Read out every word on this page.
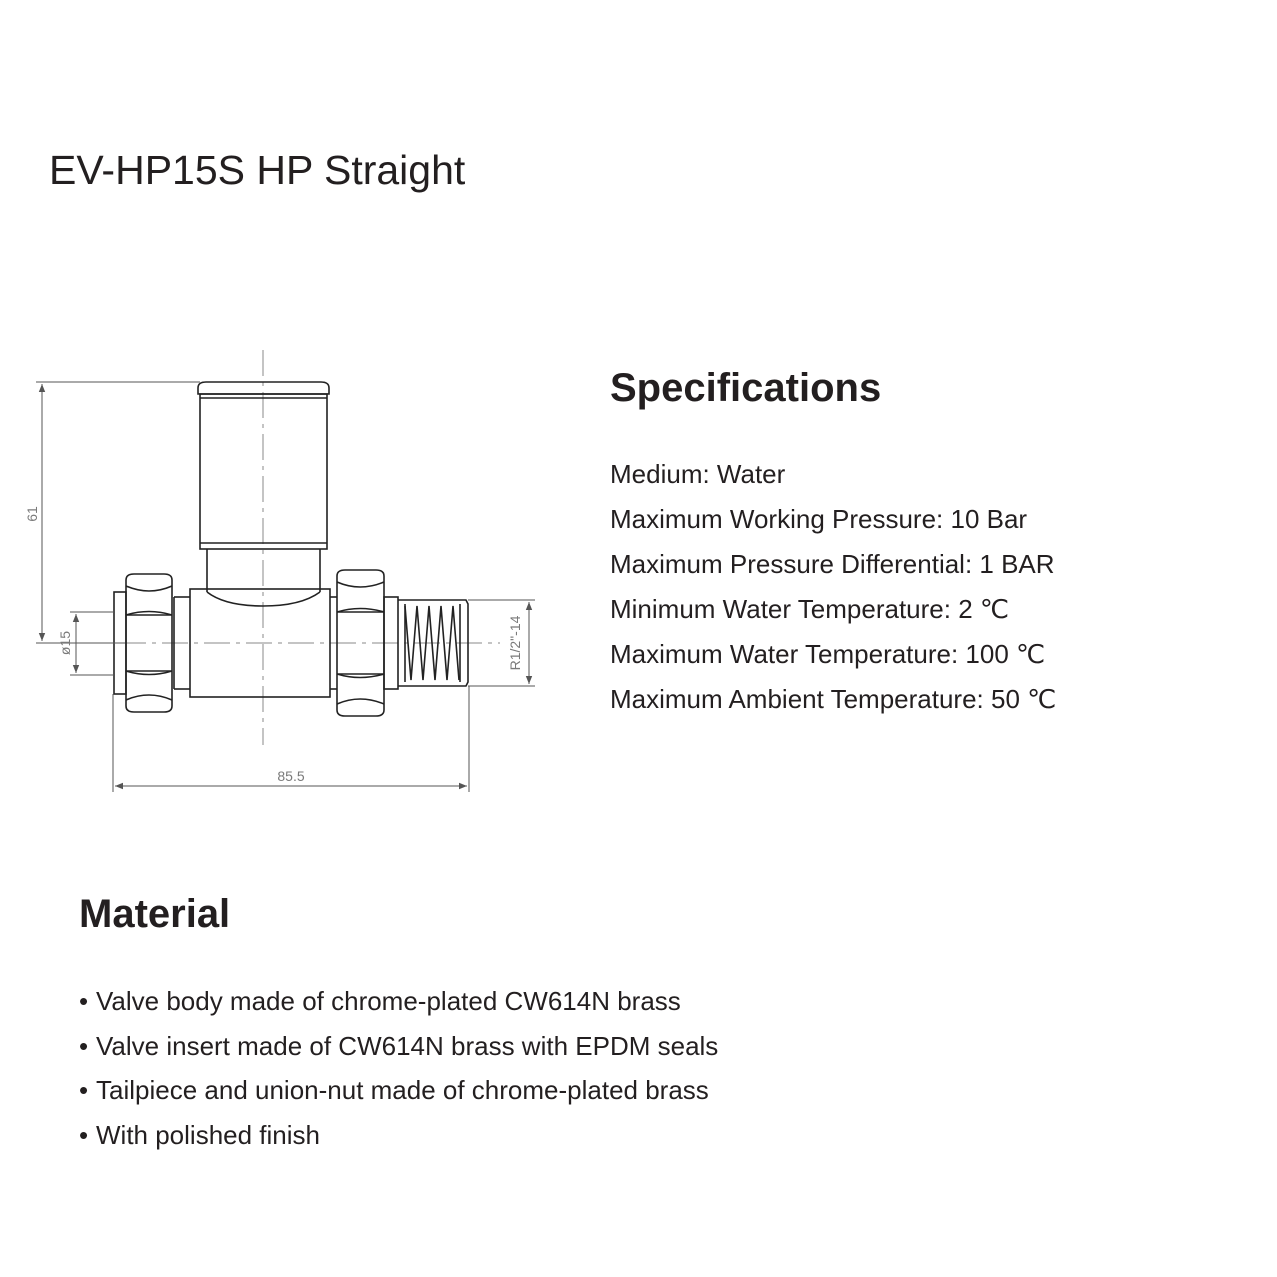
EV-HP15S HP Straight
61
ø15	R1/2"-14
85.5
Specifications
Medium: Water
Maximum Working Pressure: 10 Bar
Maximum Pressure Differential: 1 BAR
Minimum Water Temperature: 2 ℃
Maximum Water Temperature: 100 ℃
Maximum Ambient Temperature: 50 ℃
Material
• Valve body made of chrome-plated CW614N brass
• Valve insert made of CW614N brass with EPDM seals
• Tailpiece and union-nut made of chrome-plated brass
• With polished finish
